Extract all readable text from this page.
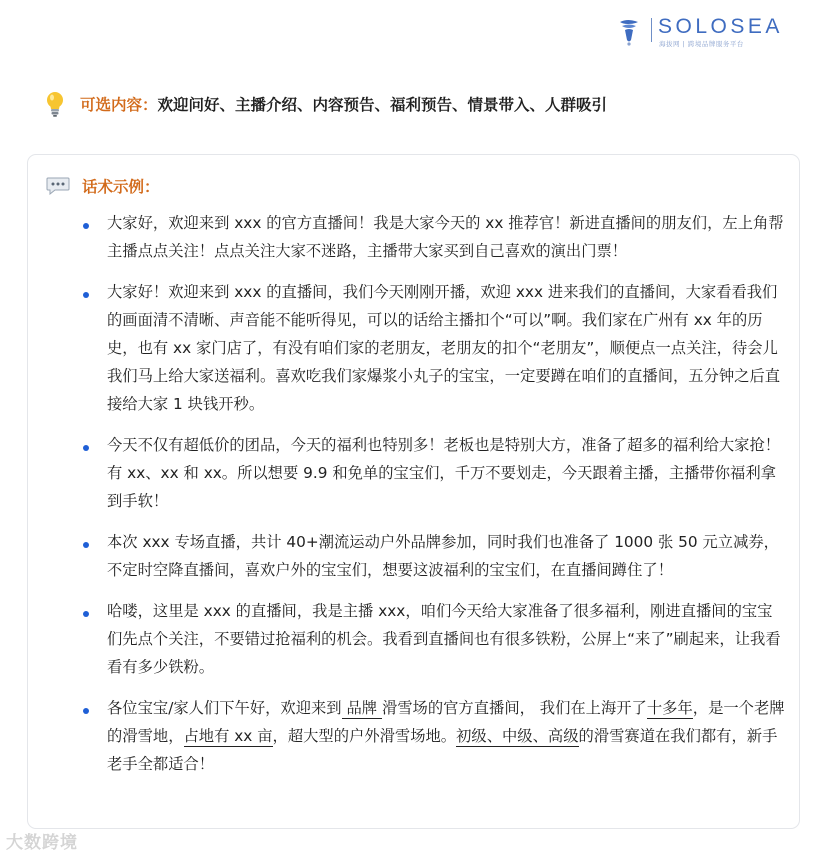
SOLOSEA
海拔网 | 跨境品牌服务平台
可选内容： 欢迎问好、主播介绍、内容预告、福利预告、情景带入、人群吸引
话术示例：

大家好，欢迎来到 xxx 的官方直播间！我是大家今天的 xx 推荐官！新进直播间的朋友们，左上角帮主播点点关注！点点关注大家不迷路，主播带大家买到自己喜欢的演出门票！

大家好！欢迎来到 xxx 的直播间，我们今天刚刚开播，欢迎 xxx 进来我们的直播间，大家看看我们的画面清不清晰、声音能不能听得见，可以的话给主播扣个“可以”啊。我们家在广州有 xx 年的历史，也有 xx 家门店了，有没有咱们家的老朋友，老朋友的扣个“老朋友”，顺便点一点关注，待会儿我们马上给大家送福利。喜欢吃我们家爆浆小丸子的宝宝，一定要蹲在咱们的直播间，五分钟之后直接给大家 1 块钱开秒。

今天不仅有超低价的团品，今天的福利也特别多！老板也是特别大方，准备了超多的福利给大家抢！有 xx、xx 和 xx。所以想要 9.9 和免单的宝宝们，千万不要划走，今天跟着主播，主播带你福利拿到手软！

本次 xxx 专场直播，共计 40+潮流运动户外品牌参加，同时我们也准备了 1000 张 50 元立减券，不定时空降直播间，喜欢户外的宝宝们，想要这波福利的宝宝们，在直播间蹲住了！

哈喽，这里是 xxx 的直播间，我是主播 xxx，咱们今天给大家准备了很多福利，刚进直播间的宝宝们先点个关注，不要错过抢福利的机会。我看到直播间也有很多铁粉，公屏上“来了”刷起来，让我看看有多少铁粉。

各位宝宝/家人们下午好，欢迎来到 品牌 滑雪场的官方直播间， 我们在上海开了十多年，是一个老牌的滑雪地，占地有 xx 亩，超大型的户外滑雪场地。初级、中级、高级的滑雪赛道在我们都有，新手老手全都适合！

大数跨境
